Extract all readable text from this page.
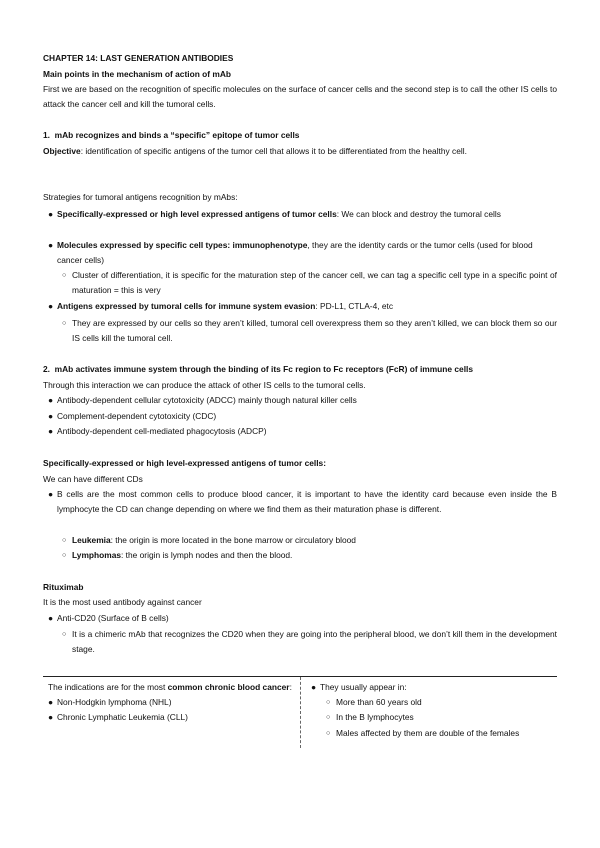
CHAPTER 14: LAST GENERATION ANTIBODIES

Main points in the mechanism of action of mAb

First we are based on the recognition of specific molecules on the surface of cancer cells and the second step is to call the other IS cells to attack the cancer cell and kill the tumoral cells.

1. mAb recognizes and binds a “specific” epitope of tumor cells

Objective: identification of specific antigens of the tumor cell that allows it to be differentiated from the healthy cell.

Strategies for tumoral antigens recognition by mAbs:

● Specifically-expressed or high level expressed antigens of tumor cells: We can block and destroy the tumoral cells
● Molecules expressed by specific cell types: immunophenotype, they are the identity cards or the tumor cells (used for blood cancer cells)
○ Cluster of differentiation, it is specific for the maturation step of the cancer cell, we can tag a specific cell type in a specific point of maturation = this is very
● Antigens expressed by tumoral cells for immune system evasion: PD-L1, CTLA-4, etc
○ They are expressed by our cells so they aren’t killed, tumoral cell overexpress them so they aren’t killed, we can block them so our IS cells kill the tumoral cell.

2. mAb activates immune system through the binding of its Fc region to Fc receptors (FcR) of immune cells

Through this interaction we can produce the attack of other IS cells to the tumoral cells.

● Antibody-dependent cellular cytotoxicity (ADCC) mainly though natural killer cells
● Complement-dependent cytotoxicity (CDC)
● Antibody-dependent cell-mediated phagocytosis (ADCP)

Specifically-expressed or high level-expressed antigens of tumor cells:

We can have different CDs

● B cells are the most common cells to produce blood cancer, it is important to have the identity card because even inside the B lymphocyte the CD can change depending on where we find them as their maturation phase is different.
○ Leukemia: the origin is more located in the bone marrow or circulatory blood
○ Lymphomas: the origin is lymph nodes and then the blood.

Rituximab

It is the most used antibody against cancer

● Anti-CD20 (Surface of B cells)
○ It is a chimeric mAb that recognizes the CD20 when they are going into the peripheral blood, we don’t kill them in the development stage.
The indications are for the most common chronic blood cancer:
● Non-Hodgkin lymphoma (NHL)
● Chronic Lymphatic Leukemia (CLL)
● They usually appear in:
○ More than 60 years old
○ In the B lymphocytes
○ Males affected by them are double of the females
